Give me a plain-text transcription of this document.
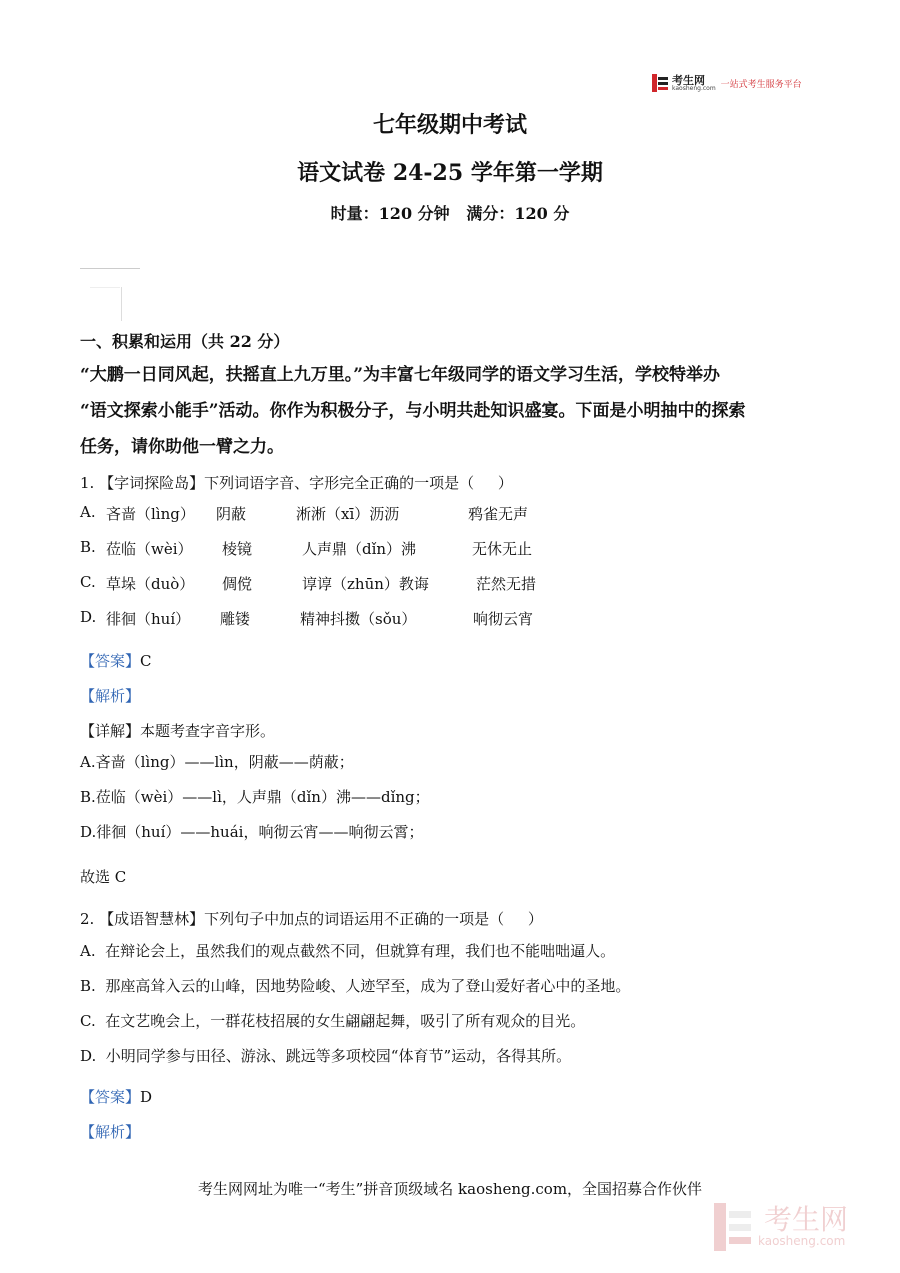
考生网
kaosheng.com 一站式考生服务平台
七年级期中考试
语文试卷 24-25 学年第一学期
时量：120 分钟   满分：120 分
一、积累和运用（共 22 分）
“大鹏一日同风起，扶摇直上九万里。”为丰富七年级同学的语文学习生活，学校特举办
“语文探索小能手”活动。你作为积极分子，与小明共赴知识盛宴。下面是小明抽中的探索
任务，请你助他一臂之力。
1. 【字词探险岛】下列词语字音、字形完全正确的一项是（     ）
A. 吝啬（lìng） 阴蔽	淅淅（xī）沥沥	鸦雀无声
B. 莅临（wèi） 棱镜	人声鼎（dǐn）沸	无休无止
C. 草垛（duò） 倜傥	谆谆（zhūn）教诲	茫然无措
D. 徘徊（huí） 雕镂	精神抖擞（sǒu）	响彻云宵
【答案】C
【解析】
【详解】本题考查字音字形。
A.吝啬（lìng）——lìn，阴蔽——荫蔽；
B.莅临（wèi）——lì，人声鼎（dǐn）沸——dǐng；
D.徘徊（huí）——huái，响彻云宵——响彻云霄；
故选 C
2. 【成语智慧林】下列句子中加点的词语运用不正确的一项是（     ）
A.  在辩论会上，虽然我们的观点截然不同，但就算有理，我们也不能咄咄逼人。
B.  那座高耸入云的山峰，因地势险峻、人迹罕至，成为了登山爱好者心中的圣地。
C.  在文艺晚会上，一群花枝招展的女生翩翩起舞，吸引了所有观众的目光。
D.  小明同学参与田径、游泳、跳远等多项校园“体育节”运动，各得其所。
【答案】D
【解析】
考生网网址为唯一“考生”拼音顶级域名 kaosheng.com，全国招募合作伙伴
考生网
kaosheng.com
